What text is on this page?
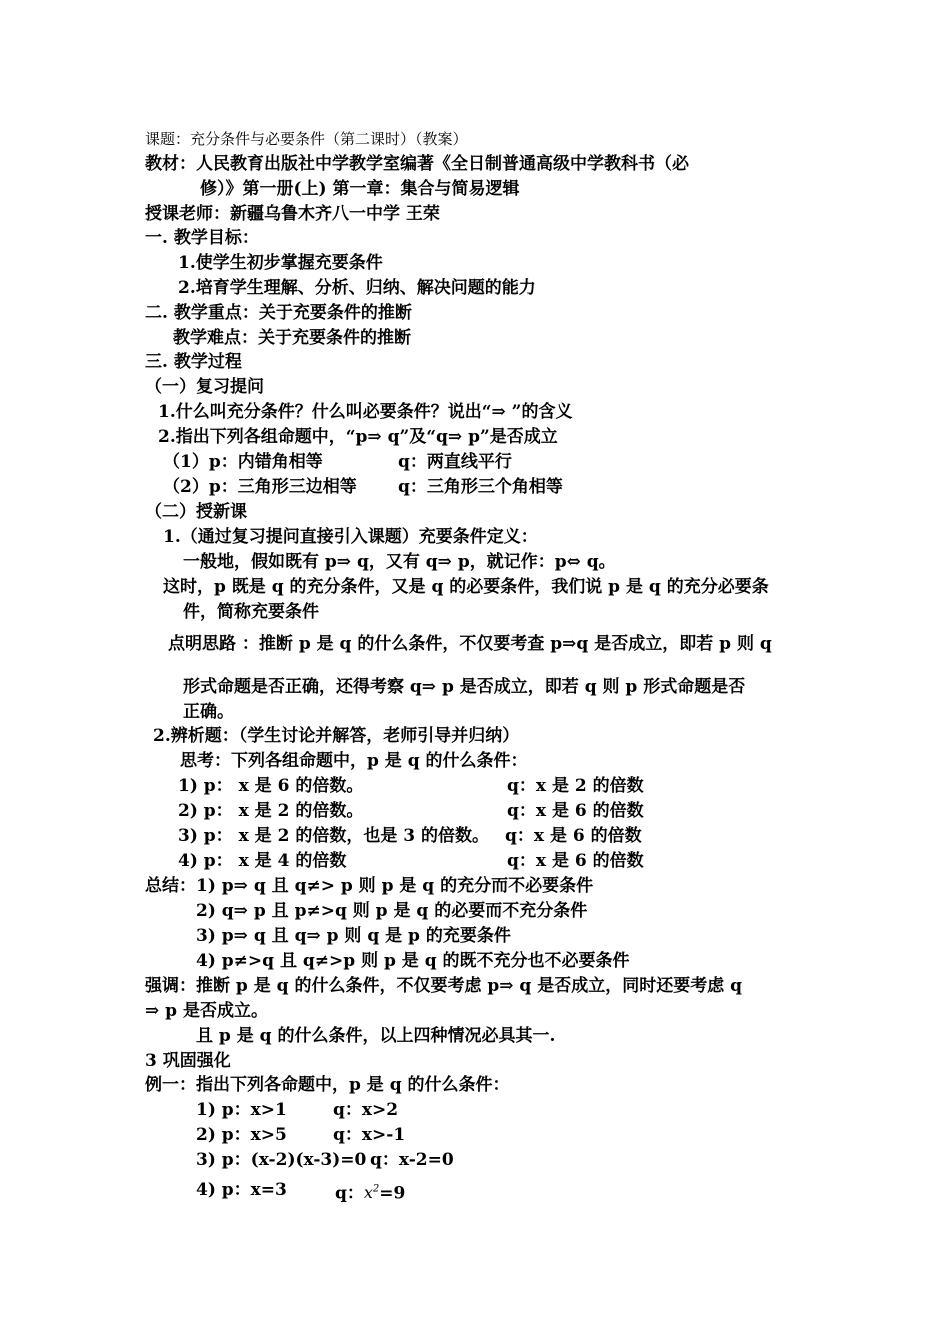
课题：充分条件与必要条件（第二课时）（教案）
教材：人民教育出版社中学教学室编著《全日制普通高级中学教科书（必
修）》第一册(上) 第一章：集合与简易逻辑
授课老师：新疆乌鲁木齐八一中学 王荣
一. 教学目标：
1.使学生初步掌握充要条件
2.培育学生理解、分析、归纳、解决问题的能力
二. 教学重点：关于充要条件的推断
教学难点：关于充要条件的推断
三. 教学过程
（一）复习提问
1.什么叫充分条件？什么叫必要条件？说出“⇒ ”的含义
2.指出下列各组命题中，“p⇒ q”及“q⇒ p”是否成立
（1）p：内错角相等	q：两直线平行
（2）p：三角形三边相等 q：三角形三个角相等
（二）授新课
1.（通过复习提问直接引入课题）充要条件定义：
一般地，假如既有 p⇒ q，又有 q⇒ p，就记作：p⇔ q。
这时，p 既是 q 的充分条件，又是 q 的必要条件，我们说 p 是 q 的充分必要条
件，简称充要条件
点明思路 ：推断 p 是 q 的什么条件，不仅要考查 p⇒q 是否成立，即若 p 则 q
形式命题是否正确，还得考察 q⇒ p 是否成立，即若 q 则 p 形式命题是否
正确。
2.辨析题：（学生讨论并解答，老师引导并归纳）
思考：下列各组命题中，p 是 q 的什么条件：
1) p： x 是 6 的倍数。	q：x 是 2 的倍数
2) p： x 是 2 的倍数。	q：x 是 6 的倍数
3) p： x 是 2 的倍数，也是 3 的倍数。 q：x 是 6 的倍数
4) p： x 是 4 的倍数	q：x 是 6 的倍数
总结：1) p⇒ q 且 q≠> p 则 p 是 q 的充分而不必要条件
2) q⇒ p 且 p≠>q 则 p 是 q 的必要而不充分条件
3) p⇒ q 且 q⇒ p 则 q 是 p 的充要条件
4) p≠>q 且 q≠>p 则 p 是 q 的既不充分也不必要条件
强调：推断 p 是 q 的什么条件，不仅要考虑 p⇒ q 是否成立，同时还要考虑 q
⇒ p 是否成立。
且 p 是 q 的什么条件，以上四种情况必具其一.
3 巩固强化
例一：指出下列各命题中，p 是 q 的什么条件：
1) p：x>1	q：x>2
2) p：x>5	q：x>-1
3) p：(x-2)(x-3)=0 q：x-2=0
4) p：x=3	q：$x^2=9$
